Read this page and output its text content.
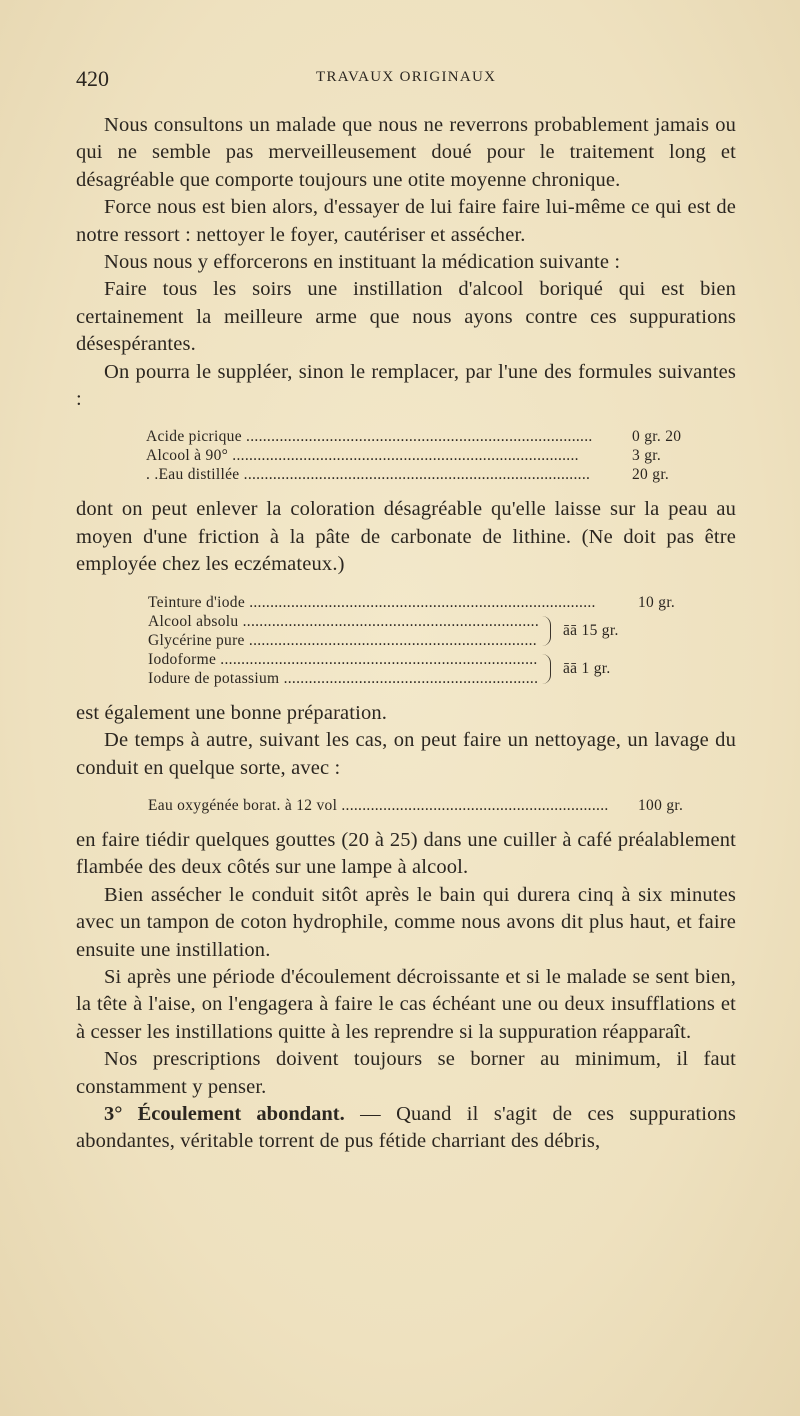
420	TRAVAUX ORIGINAUX

Nous consultons un malade que nous ne reverrons probablement jamais ou qui ne semble pas merveilleusement doué pour le traitement long et désagréable que comporte toujours une otite moyenne chronique.

Force nous est bien alors, d'essayer de lui faire faire lui-même ce qui est de notre ressort : nettoyer le foyer, cautériser et assécher.

Nous nous y efforcerons en instituant la médication suivante :

Faire tous les soirs une instillation d'alcool boriqué qui est bien certainement la meilleure arme que nous ayons contre ces suppurations désespérantes.

On pourra le suppléer, sinon le remplacer, par l'une des formules suivantes :

Acide picrique .....	0 gr. 20
Alcool à 90° .....	3 gr.
. .Eau distillée .....	20 gr.

dont on peut enlever la coloration désagréable qu'elle laisse sur la peau au moyen d'une friction à la pâte de carbonate de lithine. (Ne doit pas être employée chez les eczémateux.)

Teinture d'iode .....	10 gr.
Alcool absolu .....
Glycérine pure .....
āā 15 gr.
Iodoforme .....
Iodure de potassium .....
āā 1 gr.

est également une bonne préparation.

De temps à autre, suivant les cas, on peut faire un nettoyage, un lavage du conduit en quelque sorte, avec :

Eau oxygénée borat. à 12 vol .....	100 gr.

en faire tiédir quelques gouttes (20 à 25) dans une cuiller à café préalablement flambée des deux côtés sur une lampe à alcool.

Bien assécher le conduit sitôt après le bain qui durera cinq à six minutes avec un tampon de coton hydrophile, comme nous avons dit plus haut, et faire ensuite une instillation.

Si après une période d'écoulement décroissante et si le malade se sent bien, la tête à l'aise, on l'engagera à faire le cas échéant une ou deux insufflations et à cesser les instillations quitte à les reprendre si la suppuration réapparaît.

Nos prescriptions doivent toujours se borner au minimum, il faut constamment y penser.

3° Écoulement abondant. — Quand il s'agit de ces suppurations abondantes, véritable torrent de pus fétide charriant des débris,
